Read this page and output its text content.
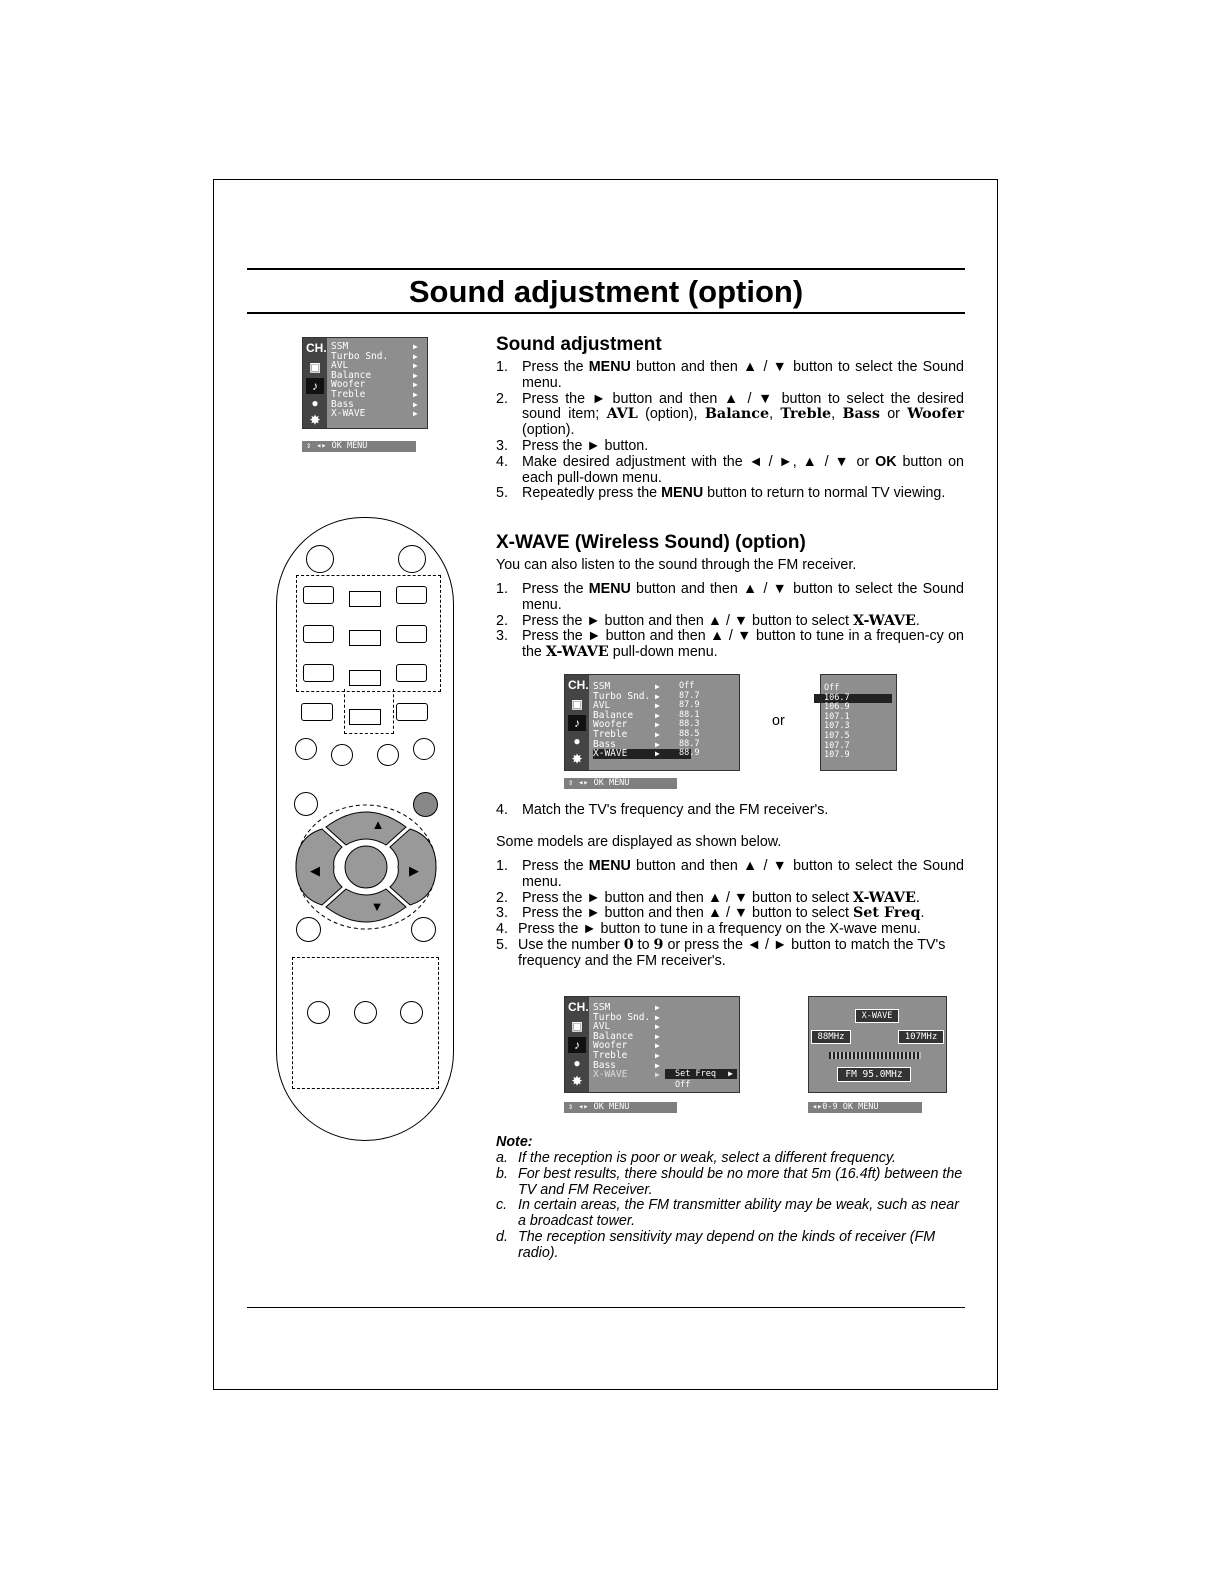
Sound adjustment (option)
CH.
▣
♪
●
✸
SSM	▶
Turbo Snd.	▶
AVL	▶
Balance	▶
Woofer	▶
Treble	▶
Bass	▶
X-WAVE	▶
⇕ ◂▸ OK MENU
▲
▼
◀	▶
Sound adjustment
1. Press the MENU button and then ▲ / ▼ button to select the Sound menu.
2. Press the ► button and then ▲ / ▼ button to select the desired sound item; AVL (option), Balance, Treble, Bass or Woofer (option).
3. Press the ► button.
4. Make desired adjustment with the ◄ / ►, ▲ / ▼ or OK button on each pull-down menu.
5. Repeatedly press the MENU button to return to normal TV viewing.
X-WAVE (Wireless Sound) (option)
You can also listen to the sound through the FM receiver.
1. Press the MENU button and then ▲ / ▼ button to select the Sound menu.
2. Press the ► button and then ▲ / ▼ button to select X-WAVE.
3. Press the ► button and then ▲ / ▼ button to tune in a frequen-cy on the X-WAVE pull-down menu.
CH.
▣
♪
●
✸
SSM	▶
Turbo Snd. ▶
AVL	▶
Balance	▶
Woofer	▶
Treble	▶
Bass	▶
X-WAVE	▶
Off
87.7
87.9
88.1
88.3
88.5
88.7
88.9
⇕ ◂▸ OK MENU
or
Off
106.7
106.9
107.1
107.3
107.5
107.7
107.9
4. Match the TV's frequency and the FM receiver's.
Some models are displayed as shown below.
1. Press the MENU button and then ▲ / ▼ button to select the Sound menu.
2. Press the ► button and then ▲ / ▼ button to select X-WAVE.
3. Press the ► button and then ▲ / ▼ button to select Set Freq.
4. Press the ► button to tune in a frequency on the X-wave menu.
5. Use the number 0 to 9 or press the ◄ / ► button to match the TV's frequency and the FM receiver's.
CH.
▣
♪
●
✸
SSM	▶
Turbo Snd. ▶
AVL	▶
Balance	▶
Woofer	▶
Treble	▶
Bass	▶
X-WAVE	▶	Set Freq ▶
Off
⇕ ◂▸ OK MENU
X-WAVE
88MHz	107MHz
FM 95.0MHz
◂▸0-9 OK MENU
Note:
a. If the reception is poor or weak, select a different frequency.
b. For best results, there should be no more that 5m (16.4ft) between the TV and FM Receiver.
c. In certain areas, the FM transmitter ability may be weak, such as near a broadcast tower.
d. The reception sensitivity may depend on the kinds of receiver (FM radio).
